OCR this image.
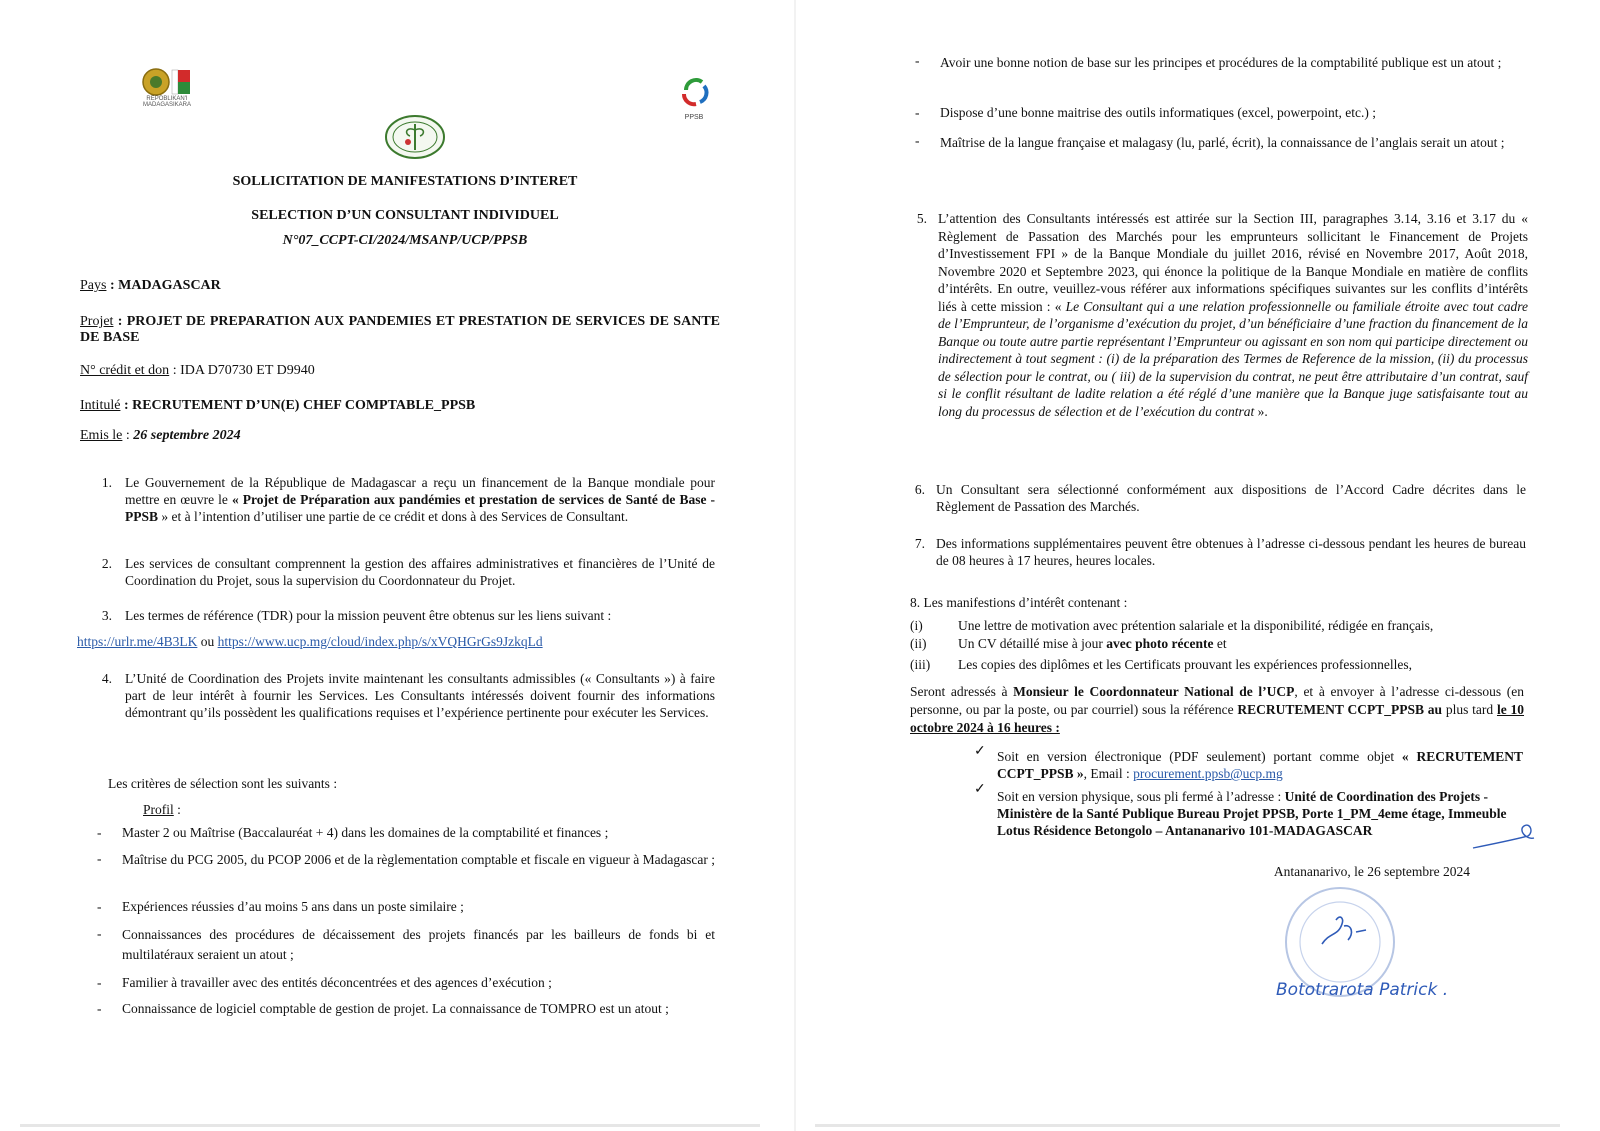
REPOBLIKAN'I MADAGASIKARA
PPSB
SOLLICITATION DE MANIFESTATIONS D’INTERET
SELECTION D’UN CONSULTANT INDIVIDUEL
N°07_CCPT-CI/2024/MSANP/UCP/PPSB
Pays : MADAGASCAR
Projet : PROJET DE PREPARATION AUX PANDEMIES ET PRESTATION DE SERVICES DE SANTE DE BASE
N° crédit et don : IDA D70730 ET D9940
Intitulé : RECRUTEMENT D’UN(E) CHEF COMPTABLE_PPSB
Emis le : 26 septembre 2024
1. Le Gouvernement de la République de Madagascar a reçu un financement de la Banque mondiale pour mettre en œuvre le « Projet de Préparation aux pandémies et prestation de services de Santé de Base - PPSB » et à l’intention d’utiliser une partie de ce crédit et dons à des Services de Consultant.
2. Les services de consultant comprennent la gestion des affaires administratives et financières de l’Unité de Coordination du Projet, sous la supervision du Coordonnateur du Projet.
3. Les termes de référence (TDR) pour la mission peuvent être obtenus sur les liens suivant :
https://urlr.me/4B3LK ou https://www.ucp.mg/cloud/index.php/s/xVQHGrGs9JzkqLd
4. L’Unité de Coordination des Projets invite maintenant les consultants admissibles (« Consultants ») à faire part de leur intérêt à fournir les Services. Les Consultants intéressés doivent fournir des informations démontrant qu’ils possèdent les qualifications requises et l’expérience pertinente pour exécuter les Services.
Les critères de sélection sont les suivants :
Profil :
-	Master 2 ou Maîtrise (Baccalauréat + 4) dans les domaines de la comptabilité et finances ;
-	Maîtrise du PCG 2005, du PCOP 2006 et de la règlementation comptable et fiscale en vigueur à Madagascar ;
-	Expériences réussies d’au moins 5 ans dans un poste similaire ;
-	Connaissances des procédures de décaissement des projets financés par les bailleurs de fonds bi et multilatéraux seraient un atout ;
-	Familier à travailler avec des entités déconcentrées et des agences d’exécution ;
-	Connaissance de logiciel comptable de gestion de projet. La connaissance de TOMPRO est un atout ;
-	Avoir une bonne notion de base sur les principes et procédures de la comptabilité publique est un atout ;
-	Dispose d’une bonne maitrise des outils informatiques (excel, powerpoint, etc.) ;
-	Maîtrise de la langue française et malagasy (lu, parlé, écrit), la connaissance de l’anglais serait un atout ;
5. L’attention des Consultants intéressés est attirée sur la Section III, paragraphes 3.14, 3.16 et 3.17 du « Règlement de Passation des Marchés pour les emprunteurs sollicitant le Financement de Projets d’Investissement FPI » de la Banque Mondiale du juillet 2016, révisé en Novembre 2017, Août 2018, Novembre 2020 et Septembre 2023, qui énonce la politique de la Banque Mondiale en matière de conflits d’intérêts. En outre, veuillez-vous référer aux informations spécifiques suivantes sur les conflits d’intérêts liés à cette mission : « Le Consultant qui a une relation professionnelle ou familiale étroite avec tout cadre de l’Emprunteur, de l’organisme d’exécution du projet, d’un bénéficiaire d’une fraction du financement de la Banque ou toute autre partie représentant l’Emprunteur ou agissant en son nom qui participe directement ou indirectement à tout segment : (i) de la préparation des Termes de Reference de la mission, (ii) du processus de sélection pour le contrat, ou ( iii) de la supervision du contrat, ne peut être attributaire d’un contrat, sauf si le conflit résultant de ladite relation a été réglé d’une manière que la Banque juge satisfaisante tout au long du processus de sélection et de l’exécution du contrat ».
6. Un Consultant sera sélectionné conformément aux dispositions de l’Accord Cadre décrites dans le Règlement de Passation des Marchés.
7. Des informations supplémentaires peuvent être obtenues à l’adresse ci-dessous pendant les heures de bureau de 08 heures à 17 heures, heures locales.
8. Les manifestions d’intérêt contenant :
(i)	Une lettre de motivation avec prétention salariale et la disponibilité, rédigée en français,
(ii)	Un CV détaillé mise à jour avec photo récente et
(iii)	Les copies des diplômes et les Certificats prouvant les expériences professionnelles,
Seront adressés à Monsieur le Coordonnateur National de l’UCP, et à envoyer à l’adresse ci-dessous (en personne, ou par la poste, ou par courriel) sous la référence RECRUTEMENT CCPT_PPSB au plus tard le 10 octobre 2024 à 16 heures :
✓ Soit en version électronique (PDF seulement) portant comme objet « RECRUTEMENT CCPT_PPSB », Email : procurement.ppsb@ucp.mg
✓ Soit en version physique, sous pli fermé à l’adresse : Unité de Coordination des Projets - Ministère de la Santé Publique Bureau Projet PPSB, Porte 1_PM_4eme étage, Immeuble Lotus Résidence Betongolo – Antananarivo 101-MADAGASCAR
Antananarivo, le 26 septembre 2024
Bototrarota Patrick .
